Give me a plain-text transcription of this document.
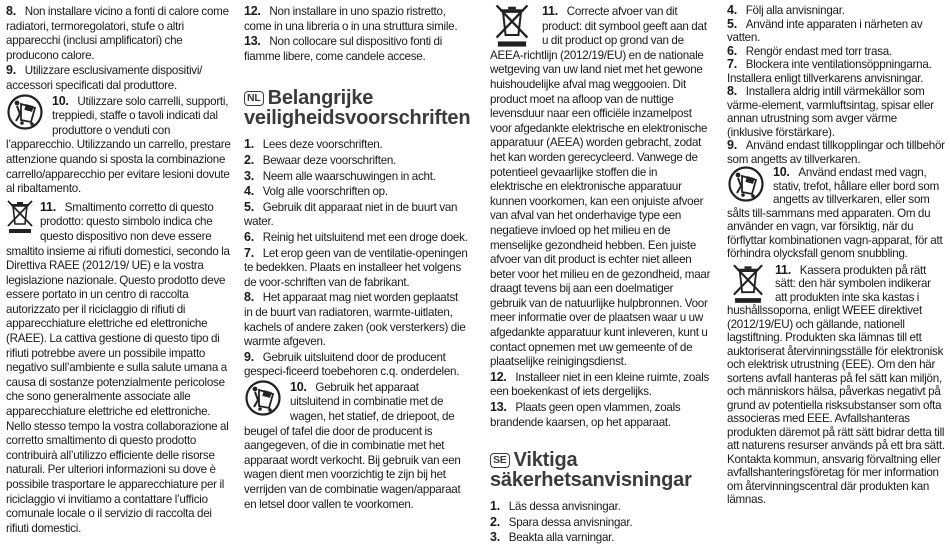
8. Non installare vicino a fonti di calore come radiatori, termoregolatori, stufe o altri apparecchi (inclusi amplificatori) che producono calore.

9. Utilizzare esclusivamente dispositivi/ accessori specificati dal produttore.

10. Utilizzare solo carrelli, supporti, treppiedi, staffe o tavoli indicati dal produttore o venduti con l’apparecchio. Utilizzando un carrello, prestare attenzione quando si sposta la combinazione carrello/apparecchio per evitare lesioni dovute al ribaltamento.

11. Smaltimento corretto di questo prodotto: questo simbolo indica che questo dispositivo non deve essere smaltito insieme ai rifiuti domestici, secondo la Direttiva RAEE (2012/19/ UE) e la vostra legislazione nazionale. Questo prodotto deve essere portato in un centro di raccolta autorizzato per il riciclaggio di rifiuti di apparecchiature elettriche ed elettroniche (RAEE). La cattiva gestione di questo tipo di rifiuti potrebbe avere un possibile impatto negativo sull’ambiente e sulla salute umana a causa di sostanze potenzialmente pericolose che sono generalmente associate alle apparecchiature elettriche ed elettroniche. Nello stesso tempo la vostra collaborazione al corretto smaltimento di questo prodotto contribuirà all’utilizzo efficiente delle risorse naturali. Per ulteriori informazioni su dove è possibile trasportare le apparecchiature per il riciclaggio vi invitiamo a contattare l’ufficio comunale locale o il servizio di raccolta dei rifiuti domestici.

12. Non installare in uno spazio ristretto, come in una libreria o in una struttura simile.

13. Non collocare sul dispositivo fonti di fiamme libere, come candele accese.

NL Belangrijke veiligheidsvoorschriften

1. Lees deze voorschriften.

2. Bewaar deze voorschriften.

3. Neem alle waarschuwingen in acht.

4. Volg alle voorschriften op.

5. Gebruik dit apparaat niet in de buurt van water.

6. Reinig het uitsluitend met een droge doek.

7. Let erop geen van de ventilatie-openingen te bedekken. Plaats en installeer het volgens de voor-schriften van de fabrikant.

8. Het apparaat mag niet worden geplaatst in de buurt van radiatoren, warmte-uitlaten, kachels of andere zaken (ook versterkers) die warmte afgeven.

9. Gebruik uitsluitend door de producent gespeci-ficeerd toebehoren c.q. onderdelen.

10. Gebruik het apparaat uitsluitend in combinatie met de wagen, het statief, de driepoot, de beugel of tafel die door de producent is aangegeven, of die in combinatie met het apparaat wordt verkocht. Bij gebruik van een wagen dient men voorzichtig te zijn bij het verrijden van de combinatie wagen/apparaat en letsel door vallen te voorkomen.

11. Correcte afvoer van dit product: dit symbool geeft aan dat u dit product op grond van de AEEA-richtlijn (2012/19/EU) en de nationale wetgeving van uw land niet met het gewone huishoudelijke afval mag weggooien. Dit product moet na afloop van de nuttige levensduur naar een officiële inzamelpost voor afgedankte elektrische en elektronische apparatuur (AEEA) worden gebracht, zodat het kan worden gerecycleerd. Vanwege de potentieel gevaarlijke stoffen die in elektrische en elektronische apparatuur kunnen voorkomen, kan een onjuiste afvoer van afval van het onderhavige type een negatieve invloed op het milieu en de menselijke gezondheid hebben. Een juiste afvoer van dit product is echter niet alleen beter voor het milieu en de gezondheid, maar draagt tevens bij aan een doelmatiger gebruik van de natuurlijke hulpbronnen. Voor meer informatie over de plaatsen waar u uw afgedankte apparatuur kunt inleveren, kunt u contact opnemen met uw gemeente of de plaatselijke reinigingsdienst.

12. Installeer niet in een kleine ruimte, zoals een boekenkast of iets dergelijks.

13. Plaats geen open vlammen, zoals brandende kaarsen, op het apparaat.

SE Viktiga säkerhetsanvisningar

1. Läs dessa anvisningar.

2. Spara dessa anvisningar.

3. Beakta alla varningar.

4. Följ alla anvisningar.

5. Använd inte apparaten i närheten av vatten.

6. Rengör endast med torr trasa.

7. Blockera inte ventilationsöppningarna. Installera enligt tillverkarens anvisningar.

8. Installera aldrig intill värmekällor som värme-element, varmluftsintag, spisar eller annan utrustning som avger värme (inklusive förstärkare).

9. Använd endast tillkopplingar och tillbehör som angetts av tillverkaren.

10. Använd endast med vagn, stativ, trefot, hållare eller bord som angetts av tillverkaren, eller som sålts till-sammans med apparaten. Om du använder en vagn, var försiktig, när du förflyttar kombinationen vagn-apparat, för att förhindra olycksfall genom snubbling.

11. Kassera produkten på rätt sätt: den här symbolen indikerar att produkten inte ska kastas i hushållssoporna, enligt WEEE direktivet (2012/19/EU) och gällande, nationell lagstiftning. Produkten ska lämnas till ett auktoriserat återvinningsställe för elektronisk och elektrisk utrustning (EEE). Om den här sortens avfall hanteras på fel sätt kan miljön, och människors hälsa, påverkas negativt på grund av potentiella risksubstanser som ofta associeras med EEE. Avfallshanteras produkten däremot på rätt sätt bidrar detta till att naturens resurser används på ett bra sätt. Kontakta kommun, ansvarig förvaltning eller avfallshanteringsföretag för mer information om återvinningscentral där produkten kan lämnas.
